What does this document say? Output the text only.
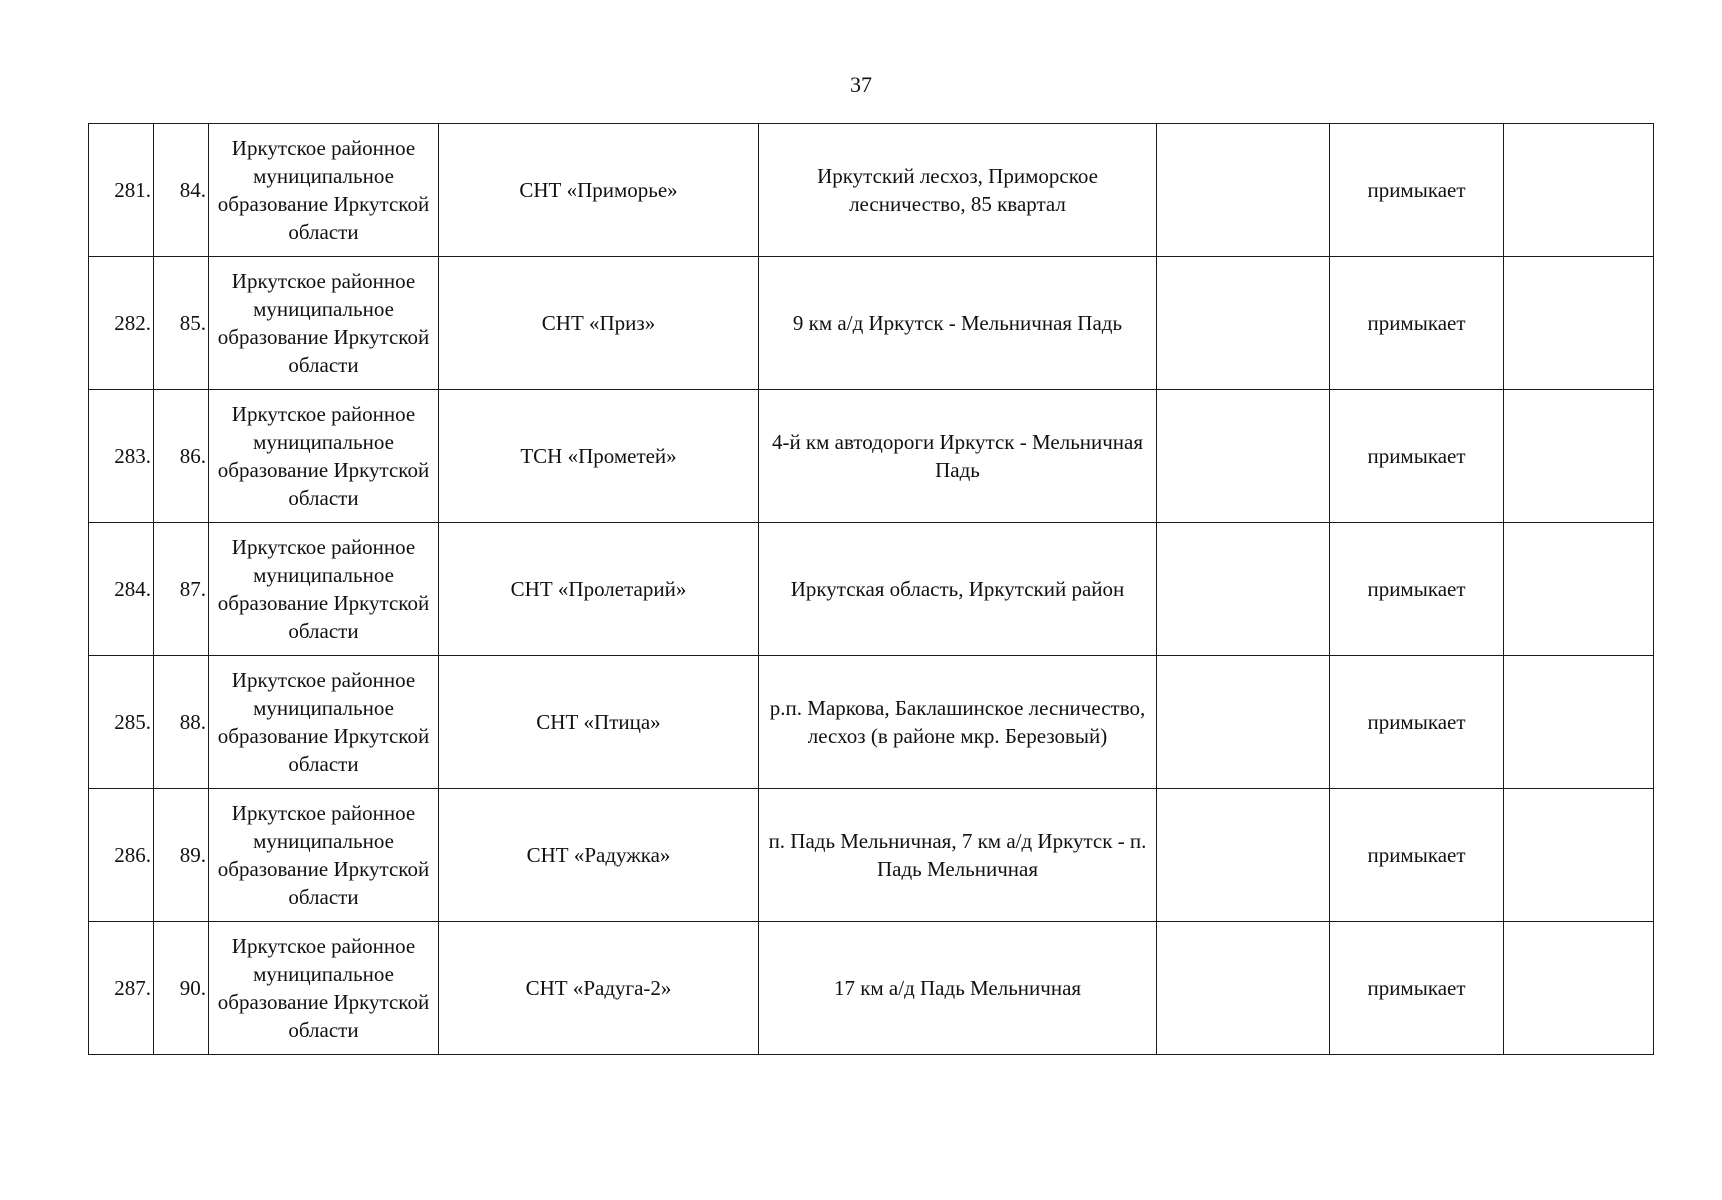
37
281.	84.	Иркутское районное муниципальное образование Иркутской области	СНТ «Приморье»	Иркутский лесхоз, Приморское лесничество, 85 квартал		примыкает	
282.	85.	Иркутское районное муниципальное образование Иркутской области	СНТ «Приз»	9 км а/д Иркутск - Мельничная Падь		примыкает	
283.	86.	Иркутское районное муниципальное образование Иркутской области	ТСН «Прометей»	4-й км автодороги Иркутск - Мельничная Падь		примыкает	
284.	87.	Иркутское районное муниципальное образование Иркутской области	СНТ «Пролетарий»	Иркутская область, Иркутский район		примыкает	
285.	88.	Иркутское районное муниципальное образование Иркутской области	СНТ «Птица»	р.п. Маркова, Баклашинское лесничество, лесхоз (в районе мкр. Березовый)		примыкает	
286.	89.	Иркутское районное муниципальное образование Иркутской области	СНТ «Радужка»	п. Падь Мельничная, 7 км а/д Иркутск - п. Падь Мельничная		примыкает	
287.	90.	Иркутское районное муниципальное образование Иркутской области	СНТ «Радуга-2»	17 км а/д Падь Мельничная		примыкает	
